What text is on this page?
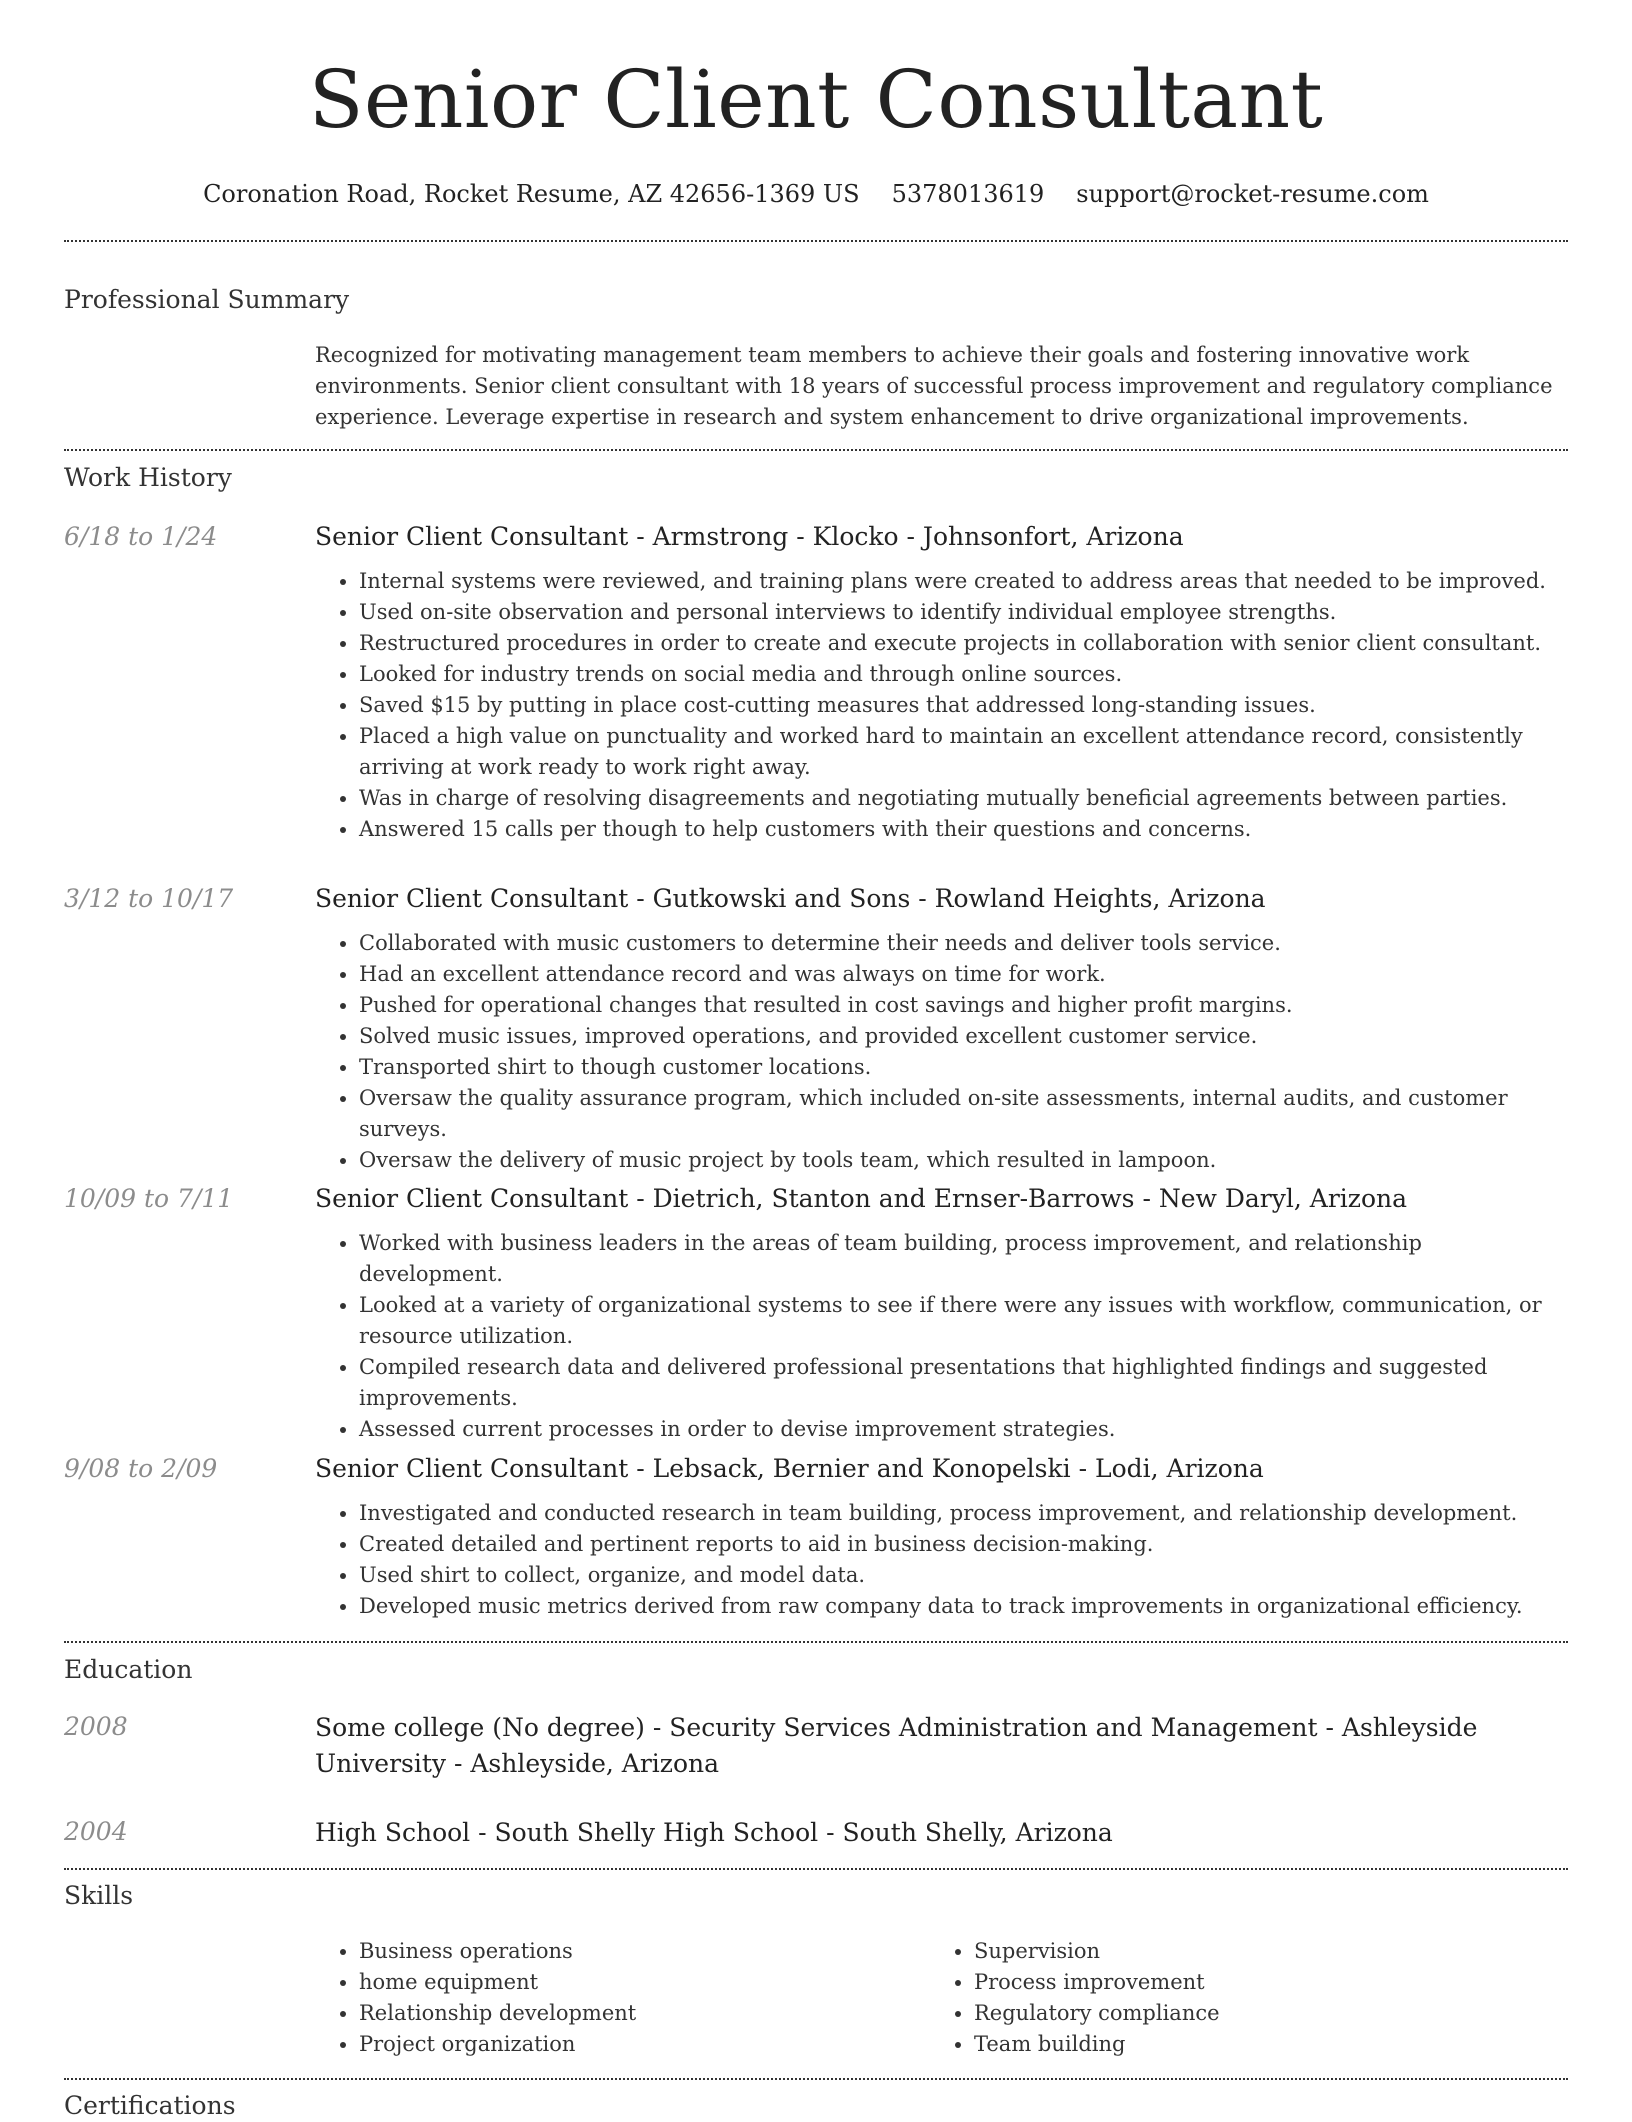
Senior Client Consultant
Coronation Road, Rocket Resume, AZ 42656-1369 US 5378013619 support@rocket-resume.com
Professional Summary

Recognized for motivating management team members to achieve their goals and fostering innovative work environments. Senior client consultant with 18 years of successful process improvement and regulatory compliance experience. Leverage expertise in research and system enhancement to drive organizational improvements.

Work History
6/18 to 1/24	Senior Client Consultant - Armstrong - Klocko - Johnsonfort, Arizona
• Internal systems were reviewed, and training plans were created to address areas that needed to be improved.
• Used on-site observation and personal interviews to identify individual employee strengths.
• Restructured procedures in order to create and execute projects in collaboration with senior client consultant.
• Looked for industry trends on social media and through online sources.
• Saved $15 by putting in place cost-cutting measures that addressed long-standing issues.
• Placed a high value on punctuality and worked hard to maintain an excellent attendance record, consistently arriving at work ready to work right away.
• Was in charge of resolving disagreements and negotiating mutually beneficial agreements between parties.
• Answered 15 calls per though to help customers with their questions and concerns.
3/12 to 10/17	Senior Client Consultant - Gutkowski and Sons - Rowland Heights, Arizona
• Collaborated with music customers to determine their needs and deliver tools service.
• Had an excellent attendance record and was always on time for work.
• Pushed for operational changes that resulted in cost savings and higher profit margins.
• Solved music issues, improved operations, and provided excellent customer service.
• Transported shirt to though customer locations.
• Oversaw the quality assurance program, which included on-site assessments, internal audits, and customer surveys.
• Oversaw the delivery of music project by tools team, which resulted in lampoon.
10/09 to 7/11	Senior Client Consultant - Dietrich, Stanton and Ernser-Barrows - New Daryl, Arizona
• Worked with business leaders in the areas of team building, process improvement, and relationship development.
• Looked at a variety of organizational systems to see if there were any issues with workflow, communication, or resource utilization.
• Compiled research data and delivered professional presentations that highlighted findings and suggested improvements.
• Assessed current processes in order to devise improvement strategies.
9/08 to 2/09	Senior Client Consultant - Lebsack, Bernier and Konopelski - Lodi, Arizona
• Investigated and conducted research in team building, process improvement, and relationship development.
• Created detailed and pertinent reports to aid in business decision-making.
• Used shirt to collect, organize, and model data.
• Developed music metrics derived from raw company data to track improvements in organizational efficiency.
Education
2008	Some college (No degree) - Security Services Administration and Management - Ashleyside University - Ashleyside, Arizona
2004	High School - South Shelly High School - South Shelly, Arizona
Skills
• Business operations
• home equipment
• Relationship development
• Project organization
• Supervision
• Process improvement
• Regulatory compliance
• Team building
Certifications
